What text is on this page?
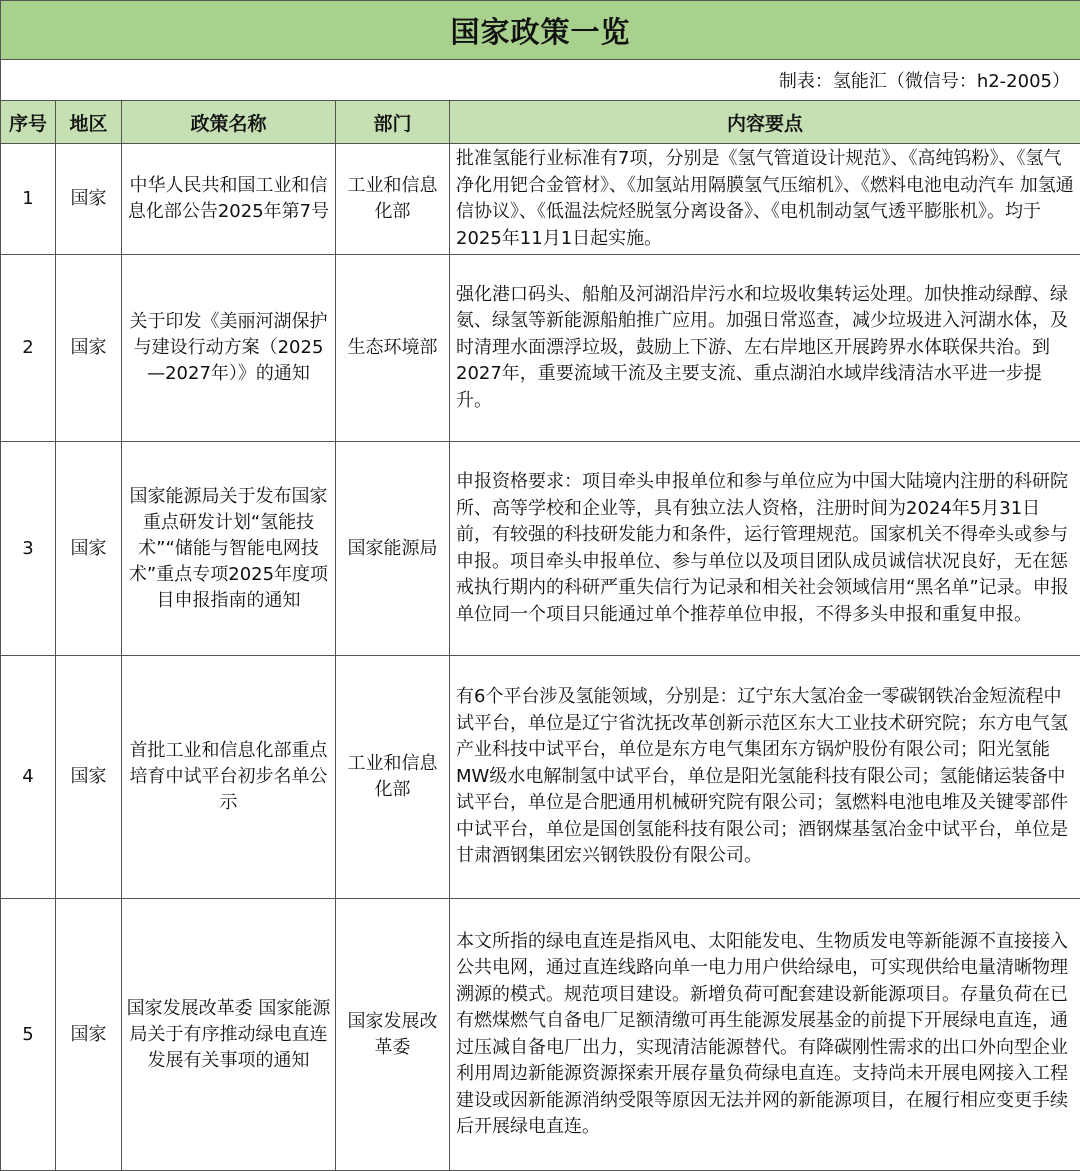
国家政策一览				
制表：氢能汇（微信号：h2-2005）				
序号	地区	政策名称	部门	内容要点
1	国家	中华人民共和国工业和信息化部公告2025年第7号	工业和信息化部	批准氢能行业标准有7项，分别是《氢气管道设计规范》、《高纯钨粉》、《氢气净化用钯合金管材》、《加氢站用隔膜氢气压缩机》、《燃料电池电动汽车 加氢通信协议》、《低温法烷烃脱氢分离设备》、《电机制动氢气透平膨胀机》。均于2025年11月1日起实施。
2	国家	关于印发《美丽河湖保护与建设行动方案（2025—2027年）》的通知	生态环境部	强化港口码头、船舶及河湖沿岸污水和垃圾收集转运处理。加快推动绿醇、绿氨、绿氢等新能源船舶推广应用。加强日常巡查，减少垃圾进入河湖水体，及时清理水面漂浮垃圾，鼓励上下游、左右岸地区开展跨界水体联保共治。到2027年，重要流域干流及主要支流、重点湖泊水域岸线清洁水平进一步提升。
3	国家	国家能源局关于发布国家重点研发计划“氢能技术”“储能与智能电网技术”重点专项2025年度项目申报指南的通知	国家能源局	申报资格要求：项目牵头申报单位和参与单位应为中国大陆境内注册的科研院所、高等学校和企业等，具有独立法人资格，注册时间为2024年5月31日前，有较强的科技研发能力和条件，运行管理规范。国家机关不得牵头或参与申报。项目牵头申报单位、参与单位以及项目团队成员诚信状况良好，无在惩戒执行期内的科研严重失信行为记录和相关社会领域信用“黑名单”记录。申报单位同一个项目只能通过单个推荐单位申报，不得多头申报和重复申报。
4	国家	首批工业和信息化部重点培育中试平台初步名单公示	工业和信息化部	有6个平台涉及氢能领域，分别是：辽宁东大氢冶金一零碳钢铁冶金短流程中试平台，单位是辽宁省沈抚改革创新示范区东大工业技术研究院；东方电气氢产业科技中试平台，单位是东方电气集团东方锅炉股份有限公司；阳光氢能MW级水电解制氢中试平台，单位是阳光氢能科技有限公司；氢能储运装备中试平台，单位是合肥通用机械研究院有限公司；氢燃料电池电堆及关键零部件中试平台，单位是国创氢能科技有限公司；酒钢煤基氢冶金中试平台，单位是甘肃酒钢集团宏兴钢铁股份有限公司。
5	国家	国家发展改革委 国家能源局关于有序推动绿电直连发展有关事项的通知	国家发展改革委	本文所指的绿电直连是指风电、太阳能发电、生物质发电等新能源不直接接入公共电网，通过直连线路向单一电力用户供给绿电，可实现供给电量清晰物理溯源的模式。规范项目建设。新增负荷可配套建设新能源项目。存量负荷在已有燃煤燃气自备电厂足额清缴可再生能源发展基金的前提下开展绿电直连，通过压减自备电厂出力，实现清洁能源替代。有降碳刚性需求的出口外向型企业利用周边新能源资源探索开展存量负荷绿电直连。支持尚未开展电网接入工程建设或因新能源消纳受限等原因无法并网的新能源项目，在履行相应变更手续后开展绿电直连。
